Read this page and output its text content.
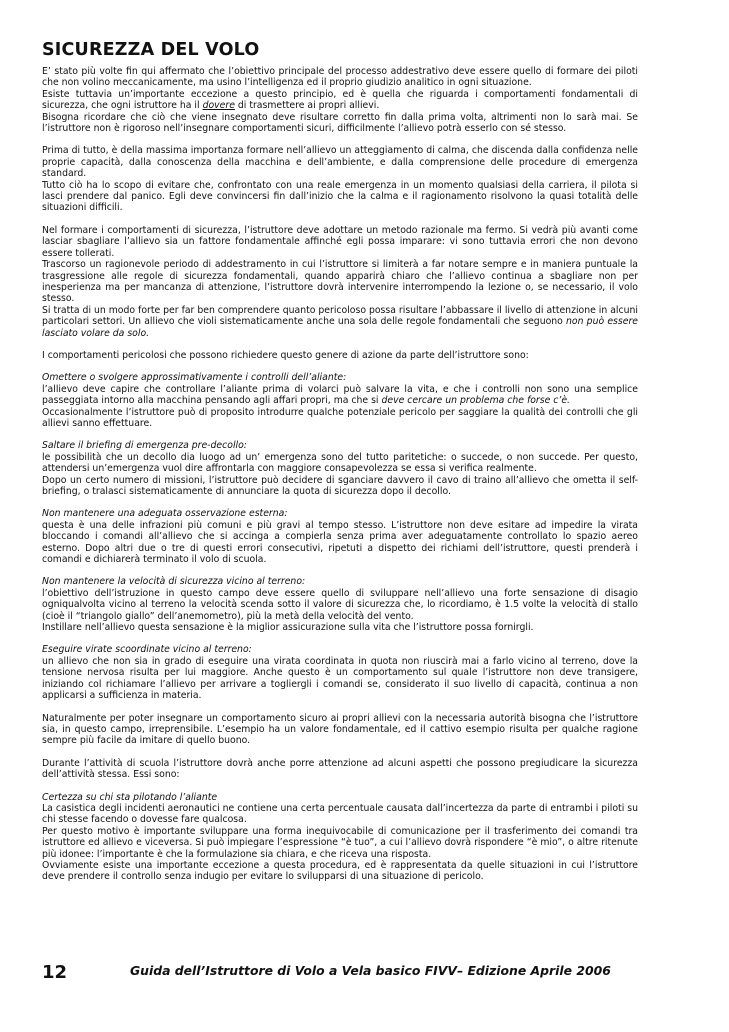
SICUREZZA DEL VOLO

E’ stato più volte fin qui affermato che l’obiettivo principale del processo addestrativo deve essere quello di formare dei piloti che non volino meccanicamente, ma usino l’intelligenza ed il proprio giudizio analitico in ogni situazione.

Esiste tuttavia un’importante eccezione a questo principio, ed è quella che riguarda i comportamenti fondamentali di sicurezza, che ogni istruttore ha il dovere di trasmettere ai propri allievi.

Bisogna ricordare che ciò che viene insegnato deve risultare corretto fin dalla prima volta, altrimenti non lo sarà mai. Se l’istruttore non è rigoroso nell’insegnare comportamenti sicuri, difficilmente l’allievo potrà esserlo con sé stesso.

Prima di tutto, è della massima importanza formare nell’allievo un atteggiamento di calma, che discenda dalla confidenza nelle proprie capacità, dalla conoscenza della macchina e dell’ambiente, e dalla comprensione delle procedure di emergenza standard.

Tutto ciò ha lo scopo di evitare che, confrontato con una reale emergenza in un momento qualsiasi della carriera, il pilota si lasci prendere dal panico. Egli deve convincersi fin dall’inizio che la calma e il ragionamento risolvono la quasi totalità delle situazioni difficili.

Nel formare i comportamenti di sicurezza, l’istruttore deve adottare un metodo razionale ma fermo. Si vedrà più avanti come lasciar sbagliare l’allievo sia un fattore fondamentale affinché egli possa imparare: vi sono tuttavia errori che non devono essere tollerati.

Trascorso un ragionevole periodo di addestramento in cui l’istruttore si limiterà a far notare sempre e in maniera puntuale la trasgressione alle regole di sicurezza fondamentali, quando apparirà chiaro che l’allievo continua a sbagliare non per inesperienza ma per mancanza di attenzione, l’istruttore dovrà intervenire interrompendo la lezione o, se necessario, il volo stesso.

Si tratta di un modo forte per far ben comprendere quanto pericoloso possa risultare l’abbassare il livello di attenzione in alcuni particolari settori. Un allievo che violi sistematicamente anche una sola delle regole fondamentali che seguono non può essere lasciato volare da solo.

I comportamenti pericolosi che possono richiedere questo genere di azione da parte dell’istruttore sono:

Omettere o svolgere approssimativamente i controlli dell’aliante:

l’allievo deve capire che controllare l’aliante prima di volarci può salvare la vita, e che i controlli non sono una semplice passeggiata intorno alla macchina pensando agli affari propri, ma che si deve cercare un problema che forse c’è.

Occasionalmente l’istruttore può di proposito introdurre qualche potenziale pericolo per saggiare la qualità dei controlli che gli allievi sanno effettuare.

Saltare il briefing di emergenza pre-decollo:

le possibilità che un decollo dia luogo ad un’ emergenza sono del tutto paritetiche: o succede, o non succede. Per questo, attendersi un’emergenza vuol dire affrontarla con maggiore consapevolezza se essa si verifica realmente.

Dopo un certo numero di missioni, l’istruttore può decidere di sganciare davvero il cavo di traino all’allievo che ometta il self-briefing, o tralasci sistematicamente di annunciare la quota di sicurezza dopo il decollo.

Non mantenere una adeguata osservazione esterna:

questa è una delle infrazioni più comuni e più gravi al tempo stesso. L’istruttore non deve esitare ad impedire la virata bloccando i comandi all’allievo che si accinga a compierla senza prima aver adeguatamente controllato lo spazio aereo esterno. Dopo altri due o tre di questi errori consecutivi, ripetuti a dispetto dei richiami dell’istruttore, questi prenderà i comandi e dichiarerà terminato il volo di scuola.

Non mantenere la velocità di sicurezza vicino al terreno:

l’obiettivo dell’istruzione in questo campo deve essere quello di sviluppare nell’allievo una forte sensazione di disagio ogniqualvolta vicino al terreno la velocità scenda sotto il valore di sicurezza che, lo ricordiamo, è 1.5 volte la velocità di stallo (cioè il “triangolo giallo” dell’anemometro), più la metà della velocità del vento.

Instillare nell’allievo questa sensazione è la miglior assicurazione sulla vita che l’istruttore possa fornirgli.

Eseguire virate scoordinate vicino al terreno:

un allievo che non sia in grado di eseguire una virata coordinata in quota non riuscirà mai a farlo vicino al terreno, dove la tensione nervosa risulta per lui maggiore. Anche questo è un comportamento sul quale l’istruttore non deve transigere, iniziando col richiamare l’allievo per arrivare a togliergli i comandi se, considerato il suo livello di capacità, continua a non applicarsi a sufficienza in materia.

Naturalmente per poter insegnare un comportamento sicuro ai propri allievi con la necessaria autorità bisogna che l’istruttore sia, in questo campo, irreprensibile. L’esempio ha un valore fondamentale, ed il cattivo esempio risulta per qualche ragione sempre più facile da imitare di quello buono.

Durante l’attività di scuola l’istruttore dovrà anche porre attenzione ad alcuni aspetti che possono pregiudicare la sicurezza dell’attività stessa. Essi sono:

Certezza su chi sta pilotando l’aliante

La casistica degli incidenti aeronautici ne contiene una certa percentuale causata dall’incertezza da parte di entrambi i piloti su chi stesse facendo o dovesse fare qualcosa.

Per questo motivo è importante sviluppare una forma inequivocabile di comunicazione per il trasferimento dei comandi tra istruttore ed allievo e viceversa. Si può impiegare l’espressione “è tuo”, a cui l’allievo dovrà rispondere “è mio”, o altre ritenute più idonee: l’importante è che la formulazione sia chiara, e che riceva una risposta.

Ovviamente esiste una importante eccezione a questa procedura, ed è rappresentata da quelle situazioni in cui l’istruttore deve prendere il controllo senza indugio per evitare lo svilupparsi di una situazione di pericolo.

12	Guida dell’Istruttore di Volo a Vela basico FIVV– Edizione Aprile 2006
